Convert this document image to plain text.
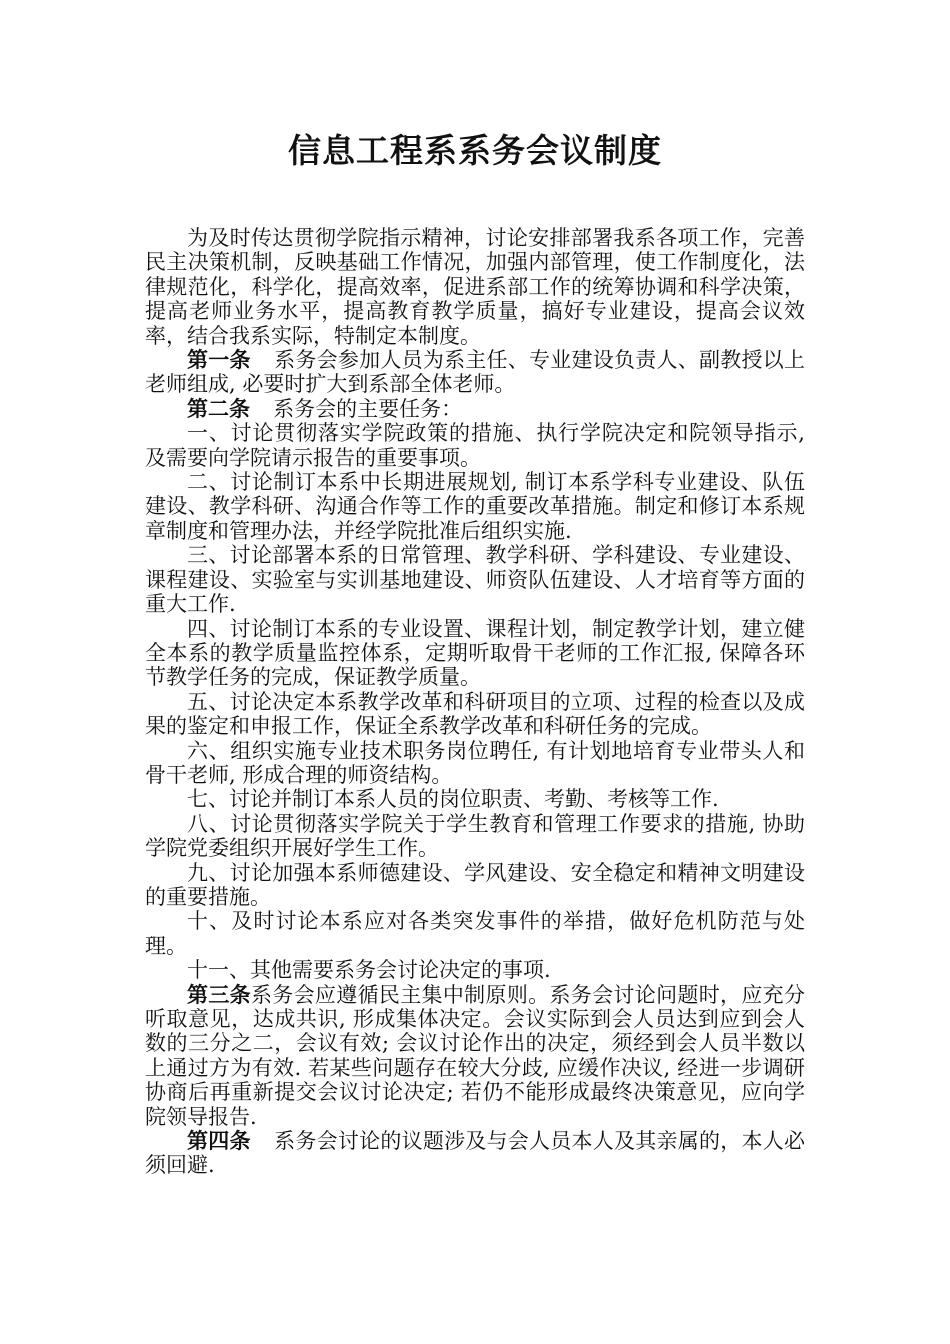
信息工程系系务会议制度

为及时传达贯彻学院指示精神，讨论安排部署我系各项工作，完善民主决策机制，反映基础工作情况，加强内部管理，使工作制度化，法律规范化，科学化，提高效率，促进系部工作的统筹协调和科学决策，提高老师业务水平，提高教育教学质量，搞好专业建设，提高会议效率，结合我系实际，特制定本制度。

第一条 系务会参加人员为系主任、专业建设负责人、副教授以上老师组成, 必要时扩大到系部全体老师。

第二条 系务会的主要任务：

一、讨论贯彻落实学院政策的措施、执行学院决定和院领导指示, 及需要向学院请示报告的重要事项。

二、讨论制订本系中长期进展规划, 制订本系学科专业建设、队伍建设、教学科研、沟通合作等工作的重要改革措施。制定和修订本系规章制度和管理办法，并经学院批准后组织实施.

三、讨论部署本系的日常管理、教学科研、学科建设、专业建设、课程建设、实验室与实训基地建设、师资队伍建设、人才培育等方面的重大工作.

四、讨论制订本系的专业设置、课程计划，制定教学计划，建立健全本系的教学质量监控体系，定期听取骨干老师的工作汇报, 保障各环节教学任务的完成，保证教学质量。

五、讨论决定本系教学改革和科研项目的立项、过程的检查以及成果的鉴定和申报工作，保证全系教学改革和科研任务的完成。

六、组织实施专业技术职务岗位聘任, 有计划地培育专业带头人和骨干老师, 形成合理的师资结构。

七、讨论并制订本系人员的岗位职责、考勤、考核等工作.

八、讨论贯彻落实学院关于学生教育和管理工作要求的措施, 协助学院党委组织开展好学生工作。

九、讨论加强本系师德建设、学风建设、安全稳定和精神文明建设的重要措施。

十、及时讨论本系应对各类突发事件的举措，做好危机防范与处理。

十一、其他需要系务会讨论决定的事项.

第三条系务会应遵循民主集中制原则。系务会讨论问题时，应充分听取意见，达成共识, 形成集体决定。会议实际到会人员达到应到会人数的三分之二，会议有效; 会议讨论作出的决定，须经到会人员半数以上通过方为有效. 若某些问题存在较大分歧, 应缓作决议, 经进一步调研协商后再重新提交会议讨论决定; 若仍不能形成最终决策意见，应向学院领导报告.

第四条 系务会讨论的议题涉及与会人员本人及其亲属的，本人必须回避.
